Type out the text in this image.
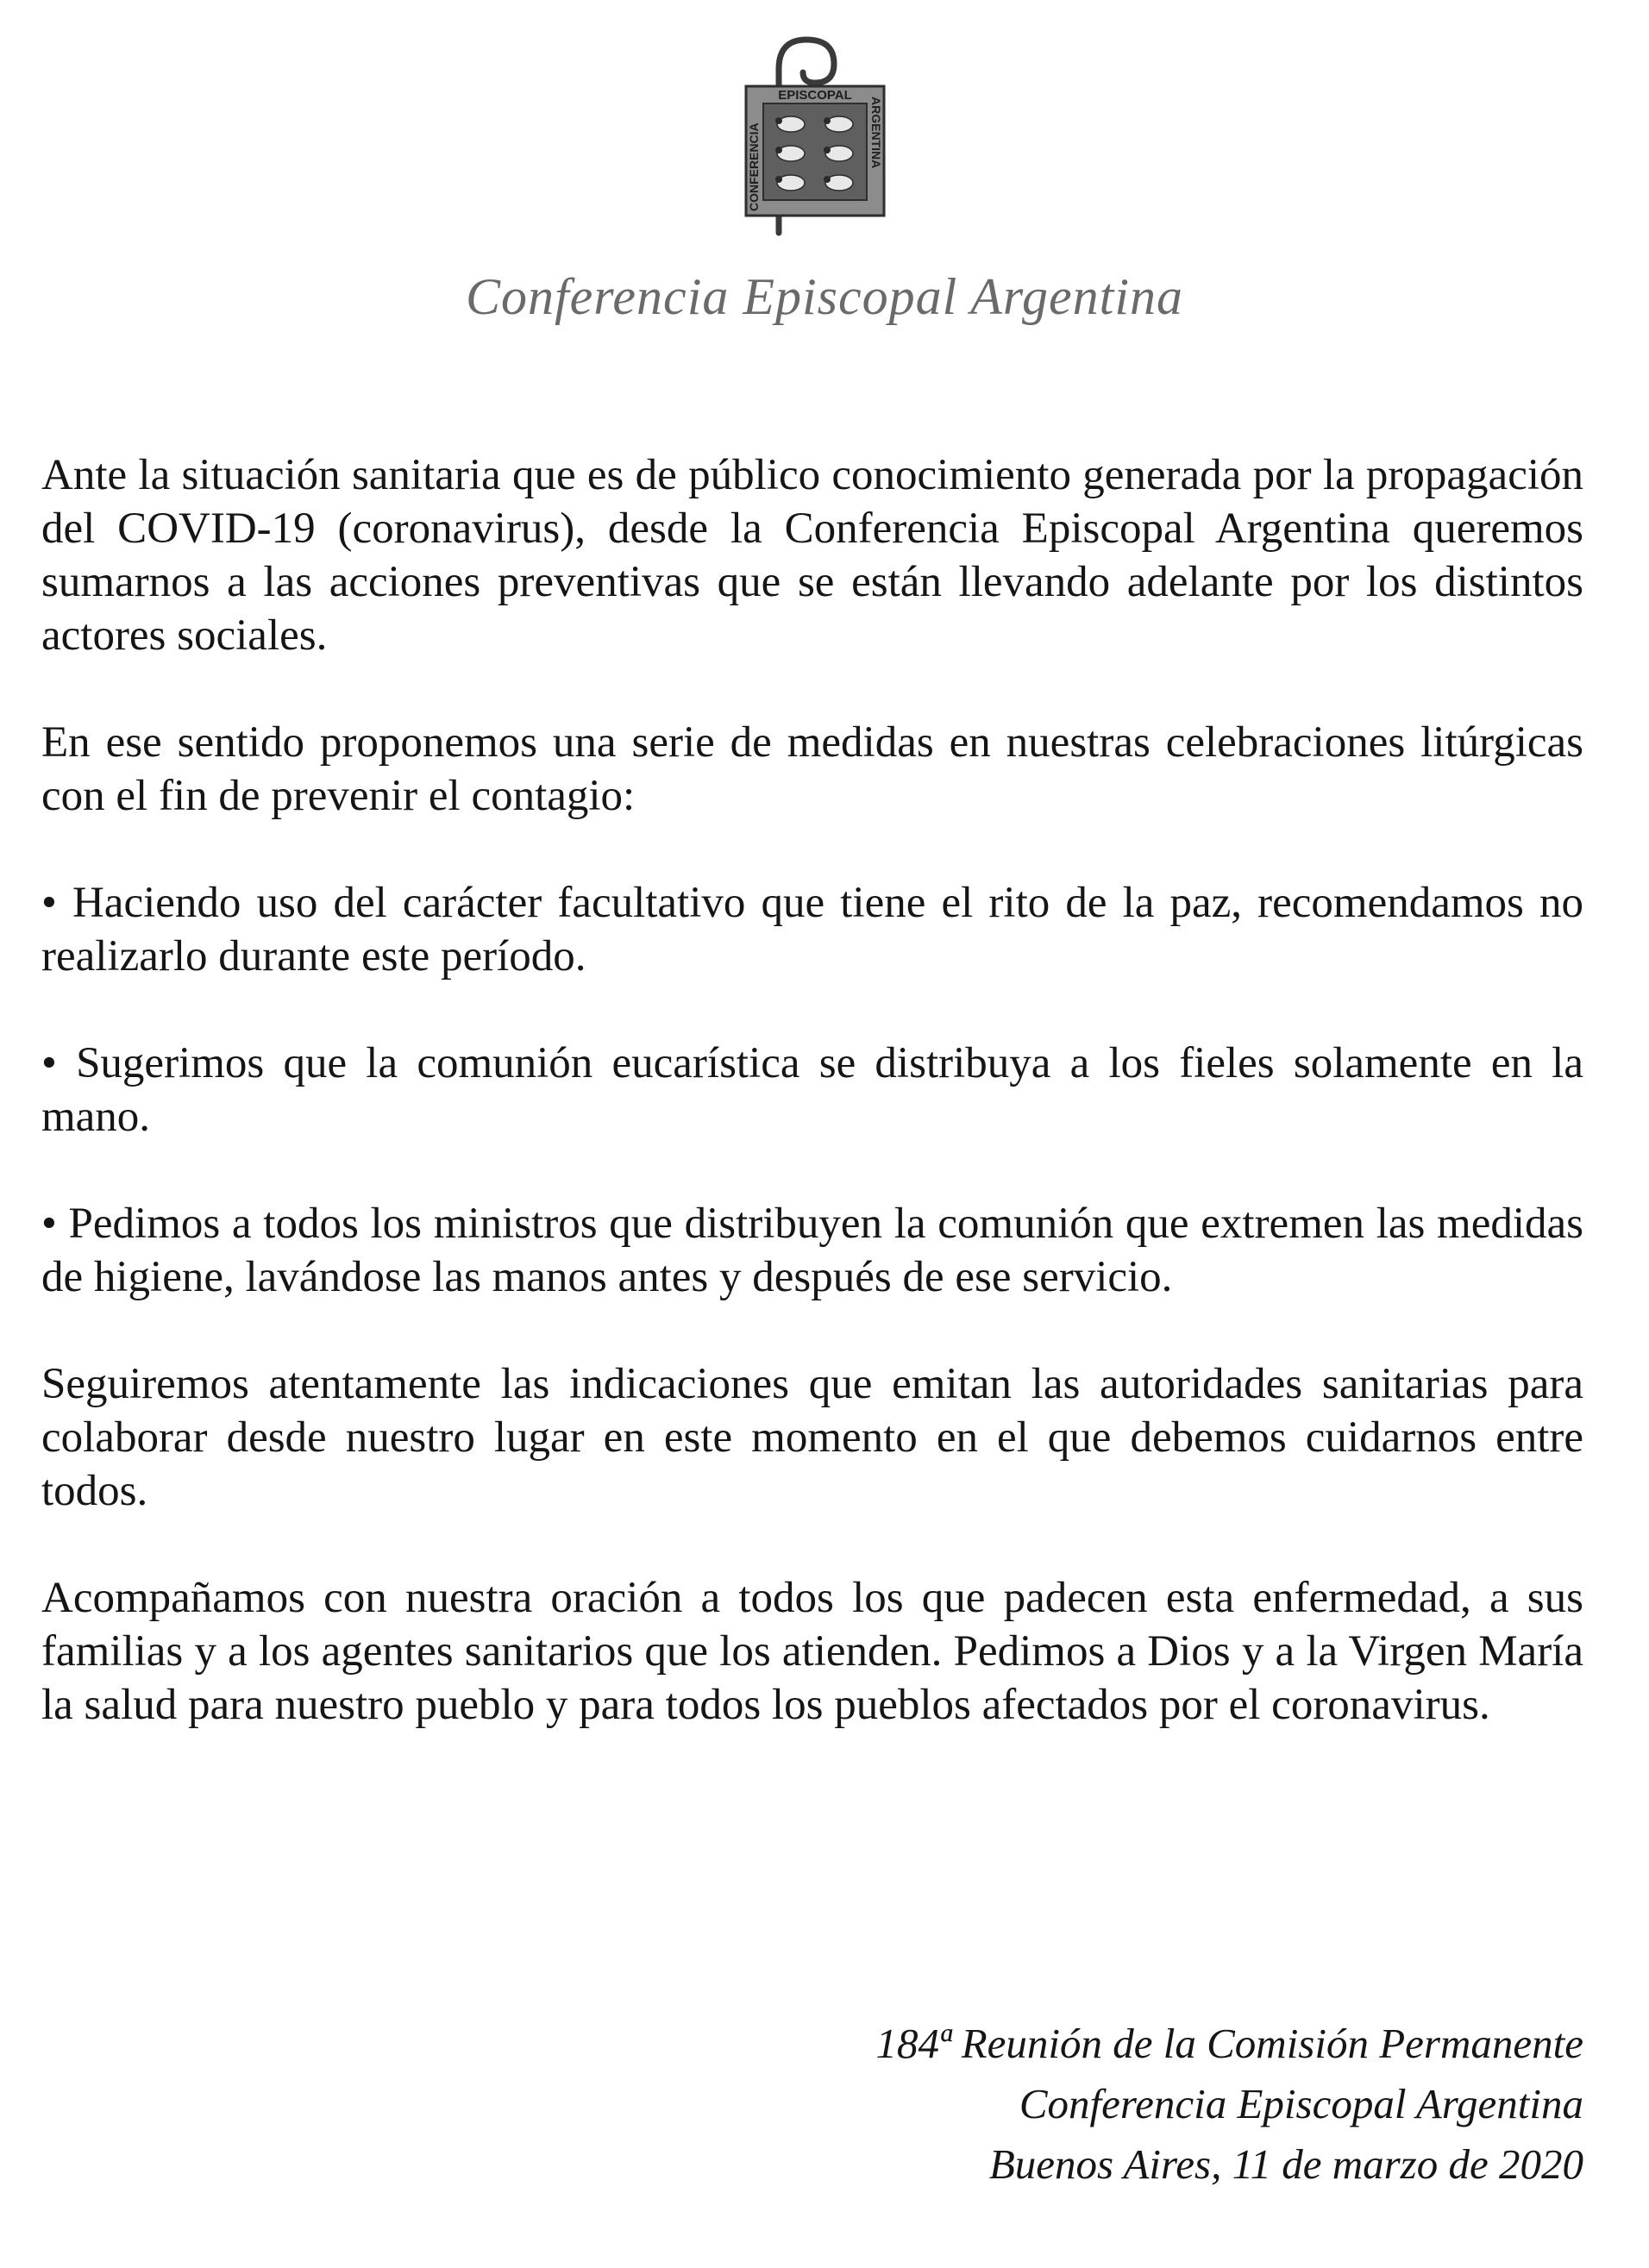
EPISCOPAL
CONFERENCIA	ARGENTINA
Conferencia Episcopal Argentina

Ante la situación sanitaria que es de público conocimiento generada por la propagación del COVID-19 (coronavirus), desde la Conferencia Episcopal Argentina queremos sumarnos a las acciones preventivas que se están llevando adelante por los distintos actores sociales.

En ese sentido proponemos una serie de medidas en nuestras celebraciones litúrgicas con el fin de prevenir el contagio:

• Haciendo uso del carácter facultativo que tiene el rito de la paz, recomendamos no realizarlo durante este período.

• Sugerimos que la comunión eucarística se distribuya a los fieles solamente en la mano.

• Pedimos a todos los ministros que distribuyen la comunión que extremen las medidas de higiene, lavándose las manos antes y después de ese servicio.

Seguiremos atentamente las indicaciones que emitan las autoridades sanitarias para colaborar desde nuestro lugar en este momento en el que debemos cuidarnos entre todos.

Acompañamos con nuestra oración a todos los que padecen esta enfermedad, a sus familias y a los agentes sanitarios que los atienden. Pedimos a Dios y a la Virgen María la salud para nuestro pueblo y para todos los pueblos afectados por el coronavirus.

184ª Reunión de la Comisión Permanente
Conferencia Episcopal Argentina
Buenos Aires, 11 de marzo de 2020
